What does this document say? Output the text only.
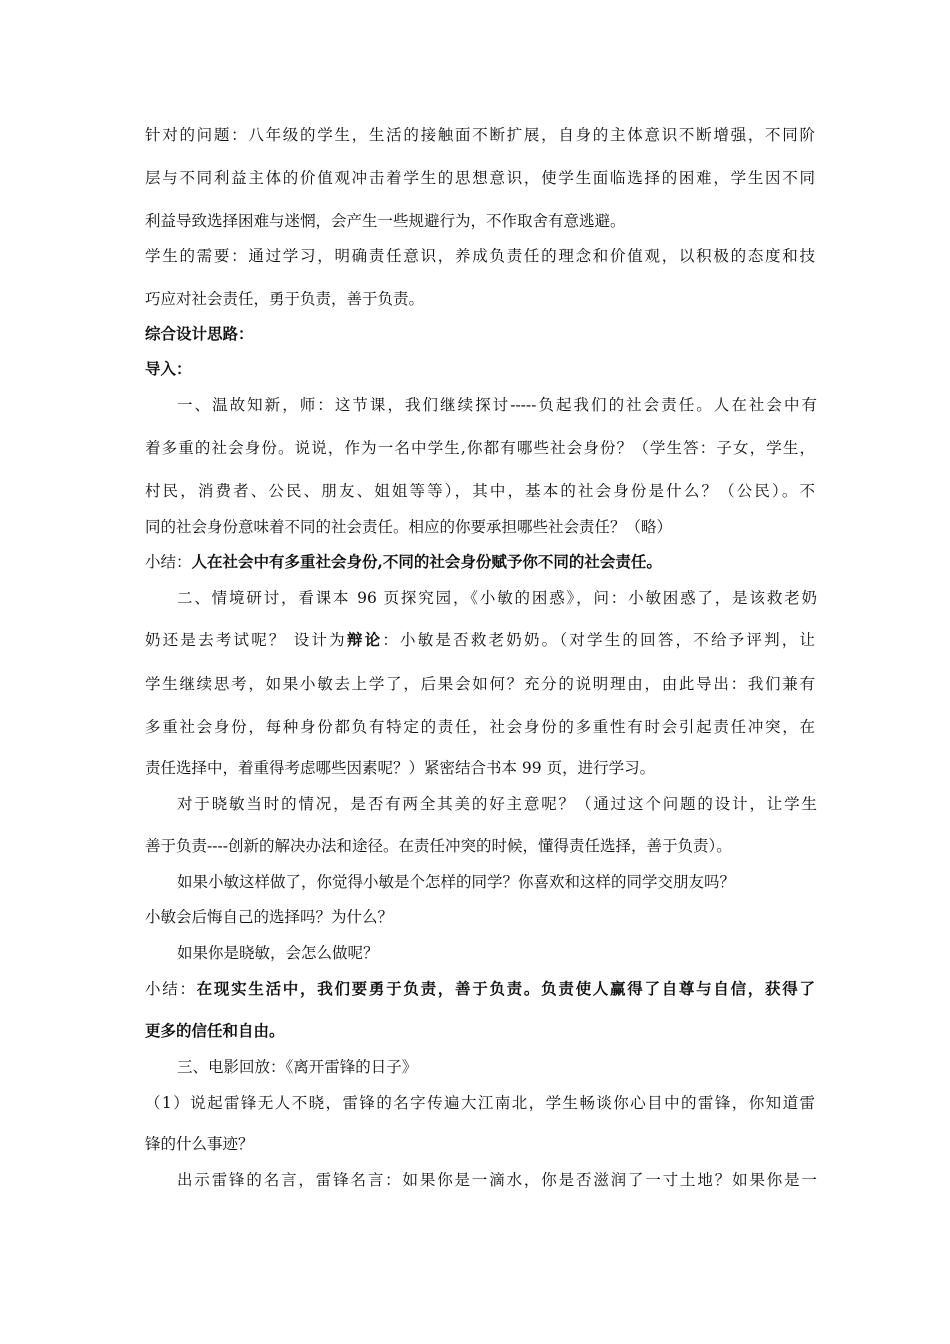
针对的问题：八年级的学生，生活的接触面不断扩展，自身的主体意识不断增强，不同阶
层与不同利益主体的价值观冲击着学生的思想意识，使学生面临选择的困难，学生因不同
利益导致选择困难与迷惘，会产生一些规避行为，不作取舍有意逃避。
学生的需要：通过学习，明确责任意识，养成负责任的理念和价值观，以积极的态度和技
巧应对社会责任，勇于负责，善于负责。
综合设计思路：
导入：
一、温故知新，师：这节课，我们继续探讨-----负起我们的社会责任。人在社会中有
着多重的社会身份。说说，作为一名中学生,你都有哪些社会身份？（学生答：子女，学生，
村民，消费者、公民、朋友、姐姐等等），其中，基本的社会身份是什么？（公民）。不
同的社会身份意味着不同的社会责任。相应的你要承担哪些社会责任？（略）
小结：人在社会中有多重社会身份,不同的社会身份赋予你不同的社会责任。
二、情境研讨，看课本 96 页探究园，《小敏的困惑》，问：小敏困惑了，是该救老奶
奶还是去考试呢？ 设计为辩论：小敏是否救老奶奶。（对学生的回答，不给予评判，让
学生继续思考，如果小敏去上学了，后果会如何？充分的说明理由，由此导出：我们兼有
多重社会身份，每种身份都负有特定的责任，社会身份的多重性有时会引起责任冲突，在
责任选择中，着重得考虑哪些因素呢？）紧密结合书本 99 页，进行学习。
对于晓敏当时的情况，是否有两全其美的好主意呢？（通过这个问题的设计，让学生
善于负责----创新的解决办法和途径。在责任冲突的时候，懂得责任选择，善于负责）。
如果小敏这样做了，你觉得小敏是个怎样的同学？你喜欢和这样的同学交朋友吗？
小敏会后悔自己的选择吗？为什么？
如果你是晓敏，会怎么做呢？
小结：在现实生活中，我们要勇于负责，善于负责。负责使人赢得了自尊与自信，获得了
更多的信任和自由。
三、电影回放：《离开雷锋的日子》
（1）说起雷锋无人不晓，雷锋的名字传遍大江南北，学生畅谈你心目中的雷锋，你知道雷
锋的什么事迹？
出示雷锋的名言，雷锋名言：如果你是一滴水，你是否滋润了一寸土地？如果你是一
